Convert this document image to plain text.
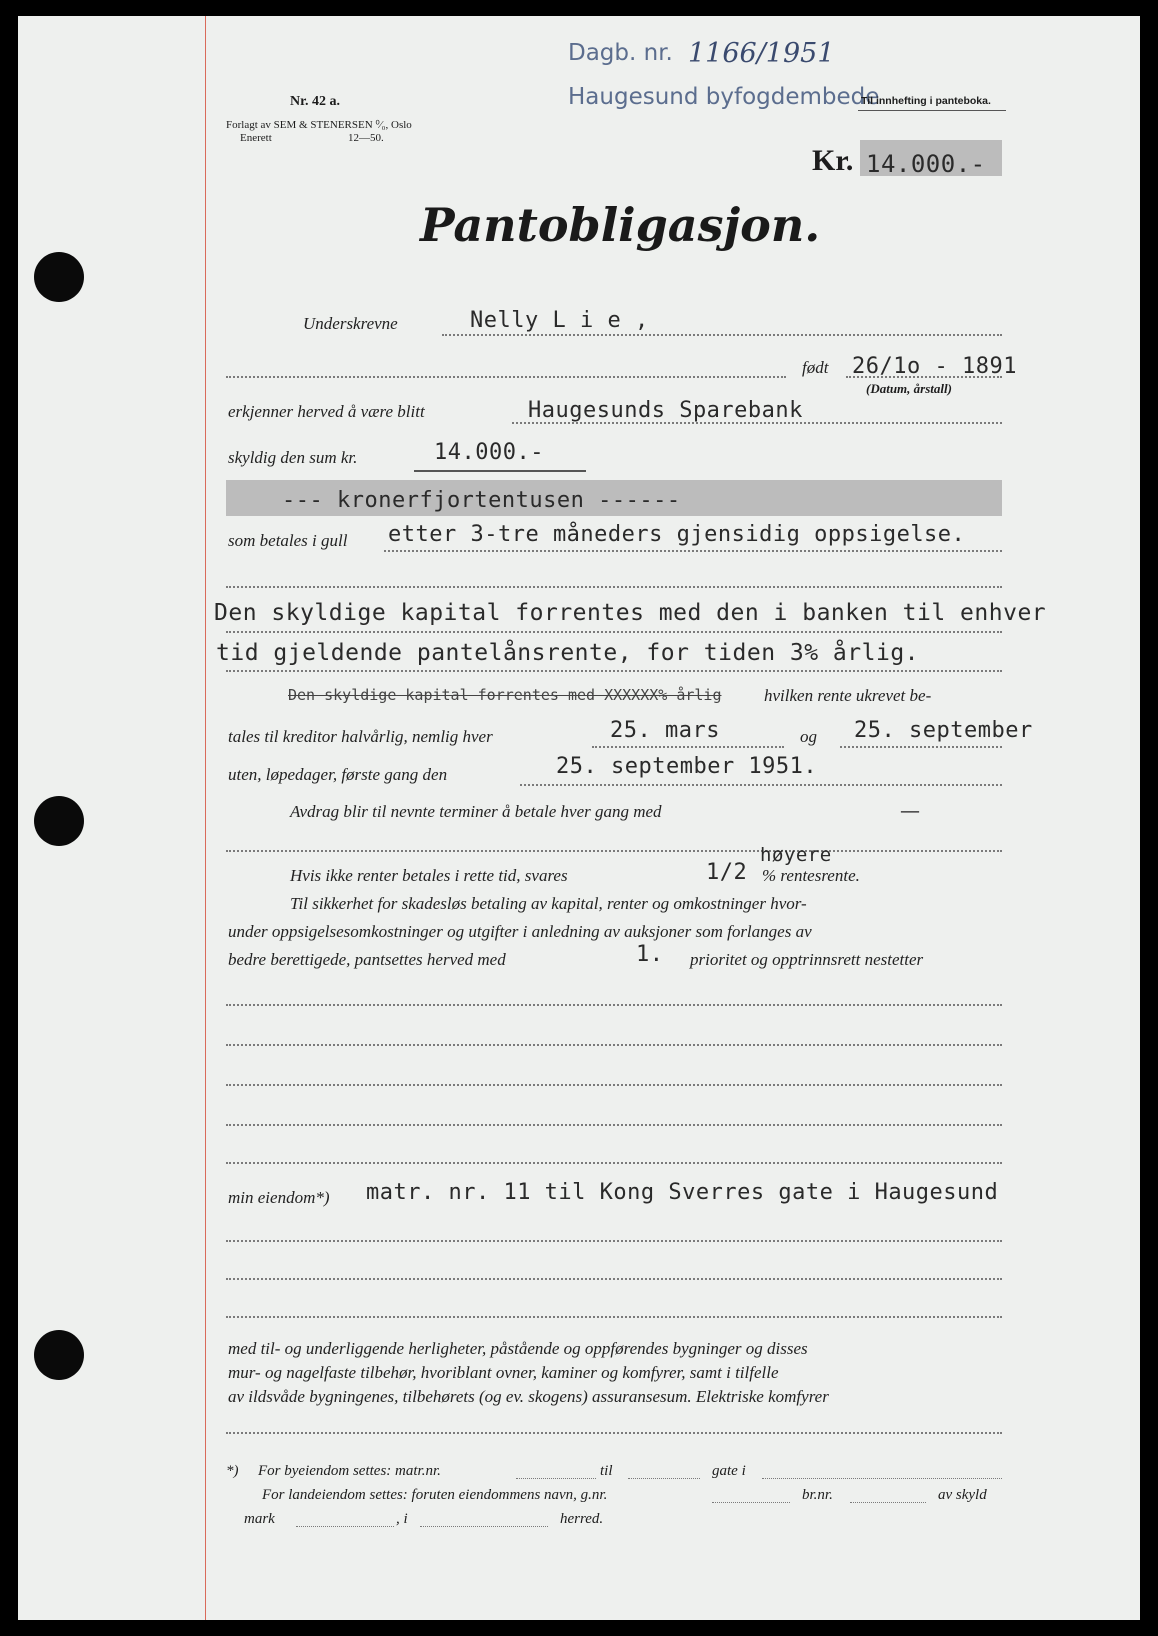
Dagb. nr. 1166/1951
Haugesund byfogdembede
Til innhefting i panteboka.
Nr. 42 a.
Forlagt av SEM & STENERSEN ⁰⁄₀, Oslo
Enerett	12—50.
Kr. 14.000.-
Pantobligasjon.
Underskrevne	Nelly L i e ,
født 26/1o - 1891
(Datum, årstall)
erkjenner herved å være blitt	Haugesunds Sparebank
skyldig den sum kr.	14.000.-
--- kronerfjortentusen ------
som betales i gull etter 3-tre måneders gjensidig oppsigelse.
Den skyldige kapital forrentes med den i banken til enhver
tid gjeldende pantelånsrente, for tiden 3% årlig.
Den skyldige kapital forrentes med XXXXXX% årlig	hvilken rente ukrevet be-
tales til kreditor halvårlig, nemlig hver	25. mars	og 25. september
uten, løpedager, første gang den	25. september 1951.
Avdrag blir til nevnte terminer å betale hver gang med	—
Hvis ikke renter betales i rette tid, svares	1/2
høyere
% rentesrente.
Til sikkerhet for skadesløs betaling av kapital, renter og omkostninger hvor-
under oppsigelsesomkostninger og utgifter i anledning av auksjoner som forlanges av
bedre berettigede, pantsettes herved med	1. prioritet og opptrinnsrett nestetter
min eiendom*) matr. nr. 11 til Kong Sverres gate i Haugesund
med til- og underliggende herligheter, påstående og oppførendes bygninger og disses
mur- og nagelfaste tilbehør, hvoriblant ovner, kaminer og komfyrer, samt i tilfelle
av ildsvåde bygningenes, tilbehørets (og ev. skogens) assuransesum. Elektriske komfyrer
*) For byeiendom settes: matr.nr.	til	gate i
For landeiendom settes: foruten eiendommens navn, g.nr.	br.nr.	av skyld
mark	, i	herred.
